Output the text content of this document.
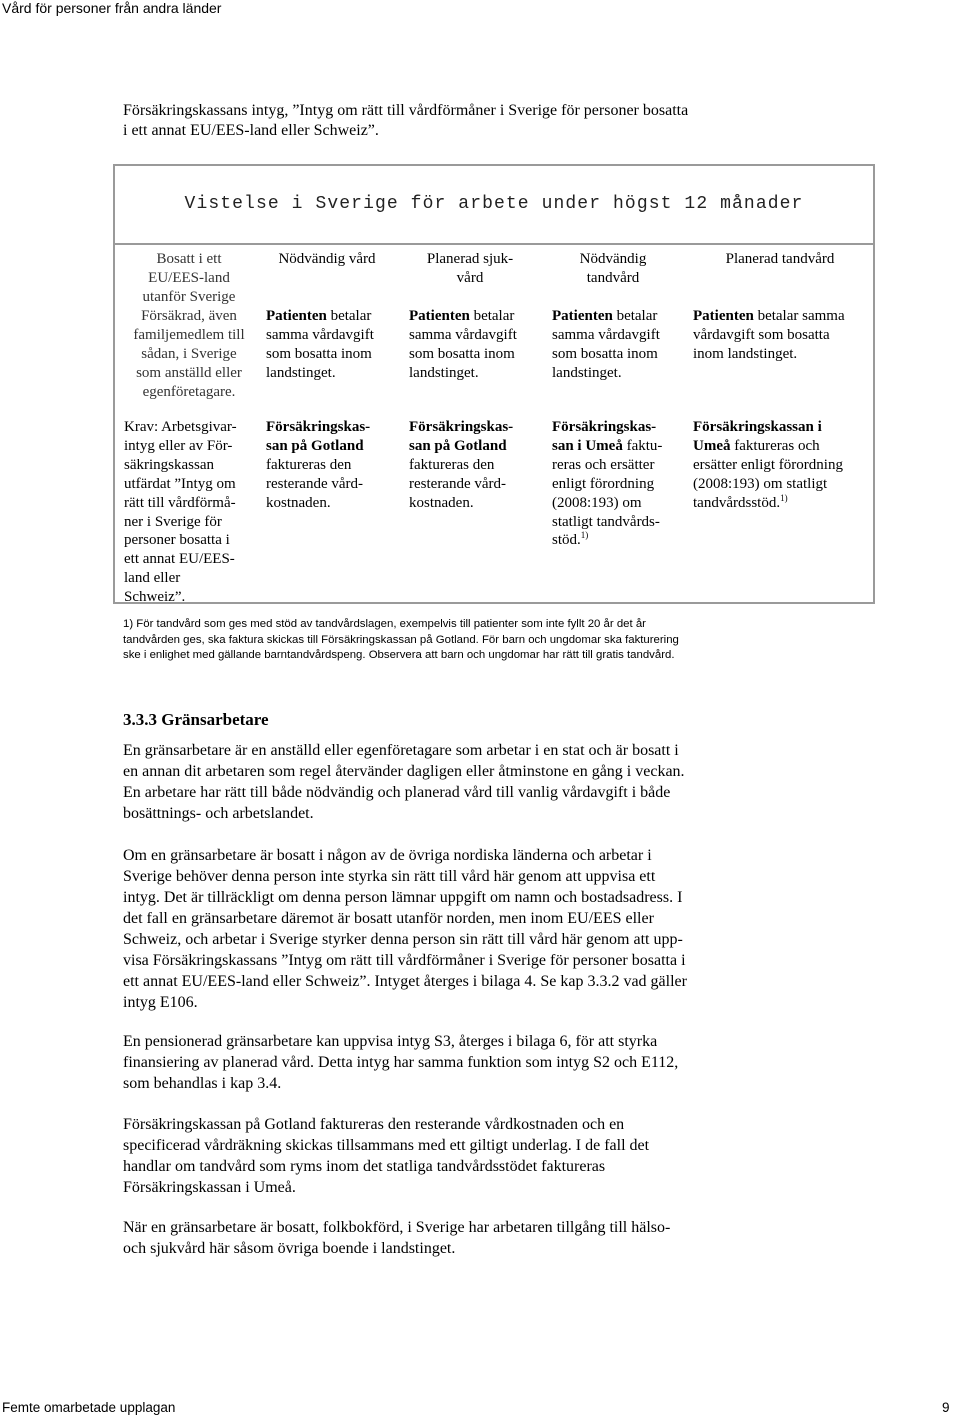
Vård för personer från andra länder
Försäkringskassans intyg, ”Intyg om rätt till vårdförmåner i Sverige för personer bosatta
i ett annat EU/EES-land eller Schweiz”.
Vistelse i Sverige för arbete under högst 12 månader
Bosatt i ett
EU/EES-land
utanför Sverige
Försäkrad, även
familjemedlem till
sådan, i Sverige
som anställd eller
egenföretagare.
Krav: Arbetsgivar-
intyg eller av För-
säkringskassan
utfärdat ”Intyg om
rätt till vårdförmå-
ner i Sverige för
personer bosatta i
ett annat EU/EES-
land eller
Schweiz”.
Nödvändig vård
Patienten betalar
samma vårdavgift
som bosatta inom
landstinget.
Försäkringskas-
san på Gotland
faktureras den
resterande vård-
kostnaden.
Planerad sjuk-
vård
Patienten betalar
samma vårdavgift
som bosatta inom
landstinget.
Försäkringskas-
san på Gotland
faktureras den
resterande vård-
kostnaden.
Nödvändig
tandvård
Patienten betalar
samma vårdavgift
som bosatta inom
landstinget.
Försäkringskas-
san i Umeå faktu-
reras och ersätter
enligt förordning
(2008:193) om
statligt tandvårds-
stöd.$^{1)}$
Planerad tandvård
Patienten betalar samma
vårdavgift som bosatta
inom landstinget.
Försäkringskassan i
Umeå faktureras och
ersätter enligt förordning
(2008:193) om statligt
tandvårdsstöd.$^{1)}$
1) För tandvård som ges med stöd av tandvårdslagen, exempelvis till patienter som inte fyllt 20 år det år
tandvården ges, ska faktura skickas till Försäkringskassan på Gotland. För barn och ungdomar ska fakturering
ske i enlighet med gällande barntandvårdspeng. Observera att barn och ungdomar har rätt till gratis tandvård.
3.3.3 Gränsarbetare
En gränsarbetare är en anställd eller egenföretagare som arbetar i en stat och är bosatt i
en annan dit arbetaren som regel återvänder dagligen eller åtminstone en gång i veckan.
En arbetare har rätt till både nödvändig och planerad vård till vanlig vårdavgift i både
bosättnings- och arbetslandet.
Om en gränsarbetare är bosatt i någon av de övriga nordiska länderna och arbetar i
Sverige behöver denna person inte styrka sin rätt till vård här genom att uppvisa ett
intyg. Det är tillräckligt om denna person lämnar uppgift om namn och bostadsadress. I
det fall en gränsarbetare däremot är bosatt utanför norden, men inom EU/EES eller
Schweiz, och arbetar i Sverige styrker denna person sin rätt till vård här genom att upp-
visa Försäkringskassans ”Intyg om rätt till vårdförmåner i Sverige för personer bosatta i
ett annat EU/EES-land eller Schweiz”. Intyget återges i bilaga 4. Se kap 3.3.2 vad gäller
intyg E106.
En pensionerad gränsarbetare kan uppvisa intyg S3, återges i bilaga 6, för att styrka
finansiering av planerad vård. Detta intyg har samma funktion som intyg S2 och E112,
som behandlas i kap 3.4.
Försäkringskassan på Gotland faktureras den resterande vårdkostnaden och en
specificerad vårdräkning skickas tillsammans med ett giltigt underlag. I de fall det
handlar om tandvård som ryms inom det statliga tandvårdsstödet faktureras
Försäkringskassan i Umeå.
När en gränsarbetare är bosatt, folkbokförd, i Sverige har arbetaren tillgång till hälso-
och sjukvård här såsom övriga boende i landstinget.
Femte omarbetade upplagan	9
